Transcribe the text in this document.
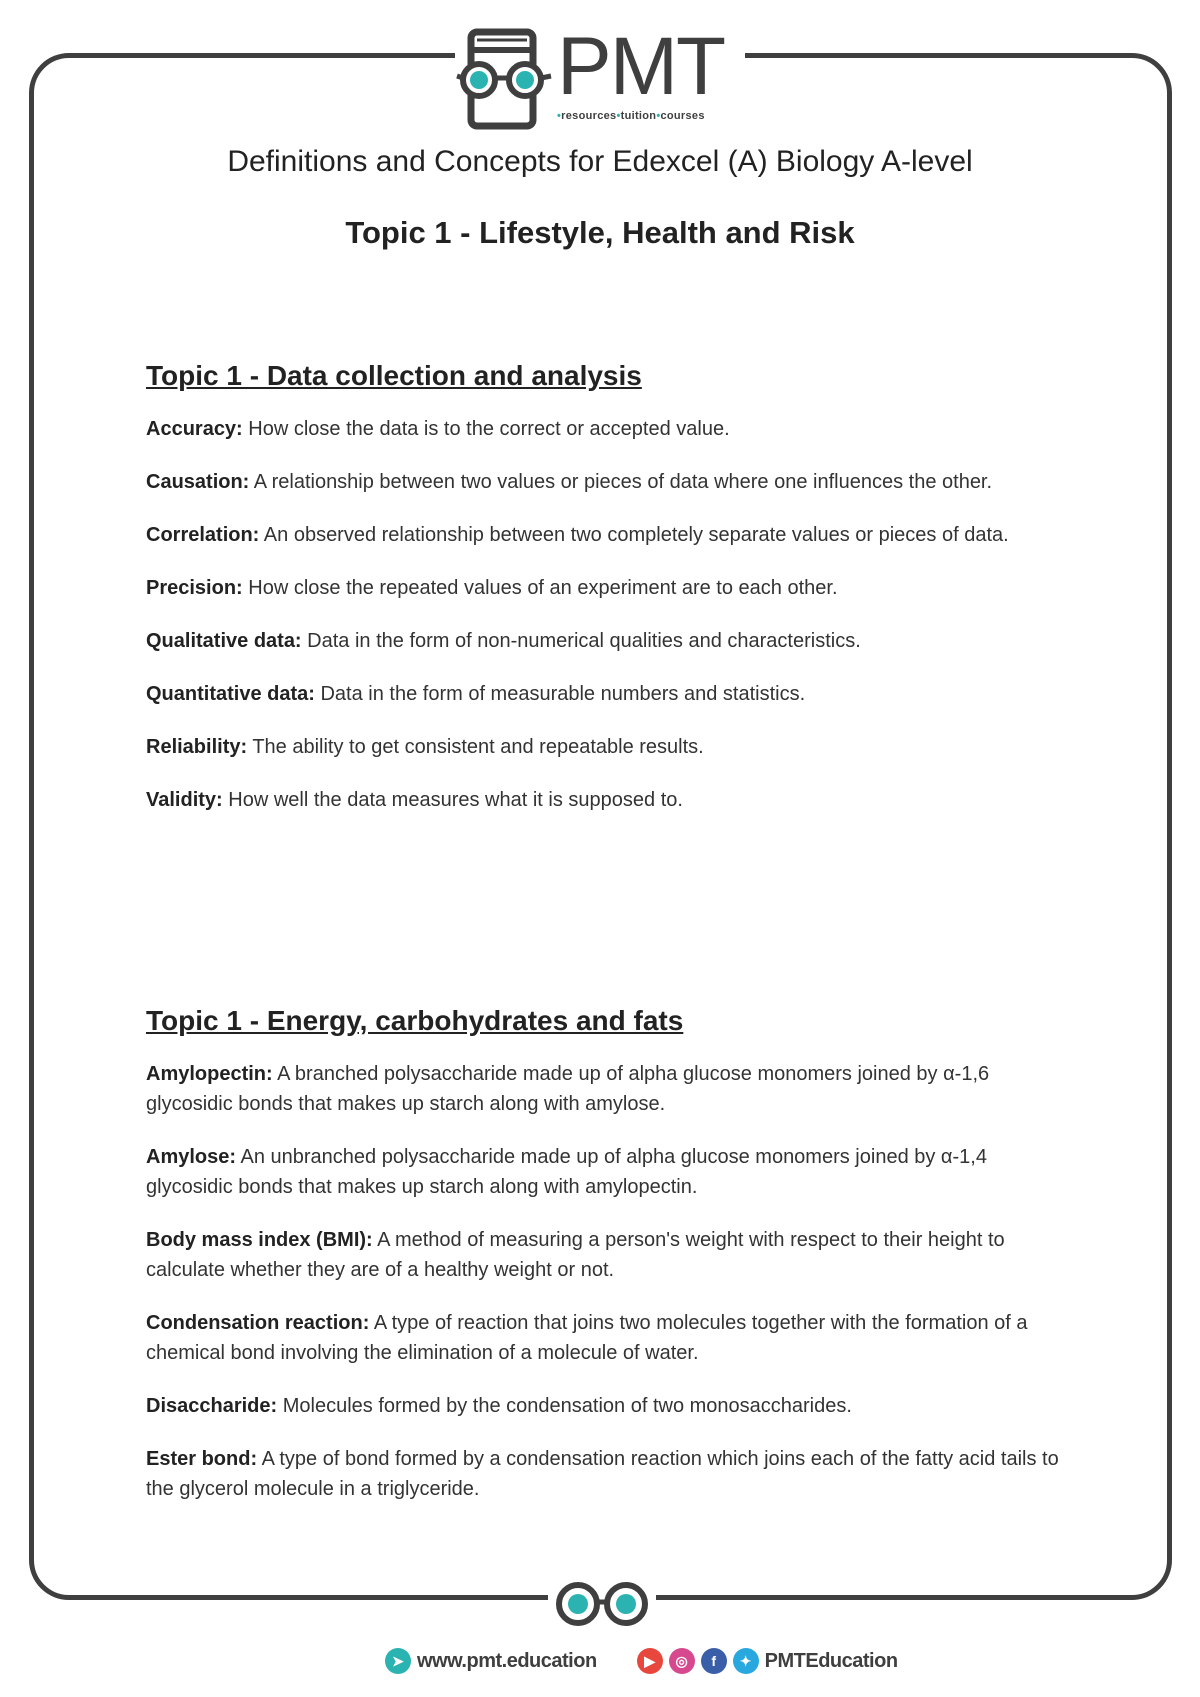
PMT
•resources•tuition•courses
Definitions and Concepts for Edexcel (A) Biology A-level
Topic 1 - Lifestyle, Health and Risk
Topic 1 - Data collection and analysis

Accuracy: How close the data is to the correct or accepted value.

Causation: A relationship between two values or pieces of data where one influences the other.

Correlation: An observed relationship between two completely separate values or pieces of data.

Precision: How close the repeated values of an experiment are to each other.

Qualitative data: Data in the form of non-numerical qualities and characteristics.

Quantitative data: Data in the form of measurable numbers and statistics.

Reliability: The ability to get consistent and repeatable results.

Validity: How well the data measures what it is supposed to.

Topic 1 - Energy, carbohydrates and fats

Amylopectin: A branched polysaccharide made up of alpha glucose monomers joined by α-1,6 glycosidic bonds that makes up starch along with amylose.

Amylose: An unbranched polysaccharide made up of alpha glucose monomers joined by α-1,4 glycosidic bonds that makes up starch along with amylopectin.

Body mass index (BMI): A method of measuring a person's weight with respect to their height to calculate whether they are of a healthy weight or not.

Condensation reaction: A type of reaction that joins two molecules together with the formation of a chemical bond involving the elimination of a molecule of water.

Disaccharide: Molecules formed by the condensation of two monosaccharides.

Ester bond: A type of bond formed by a condensation reaction which joins each of the fatty acid tails to the glycerol molecule in a triglyceride.

➤ www.pmt.education	▶	◎	f	✦ PMTEducation
